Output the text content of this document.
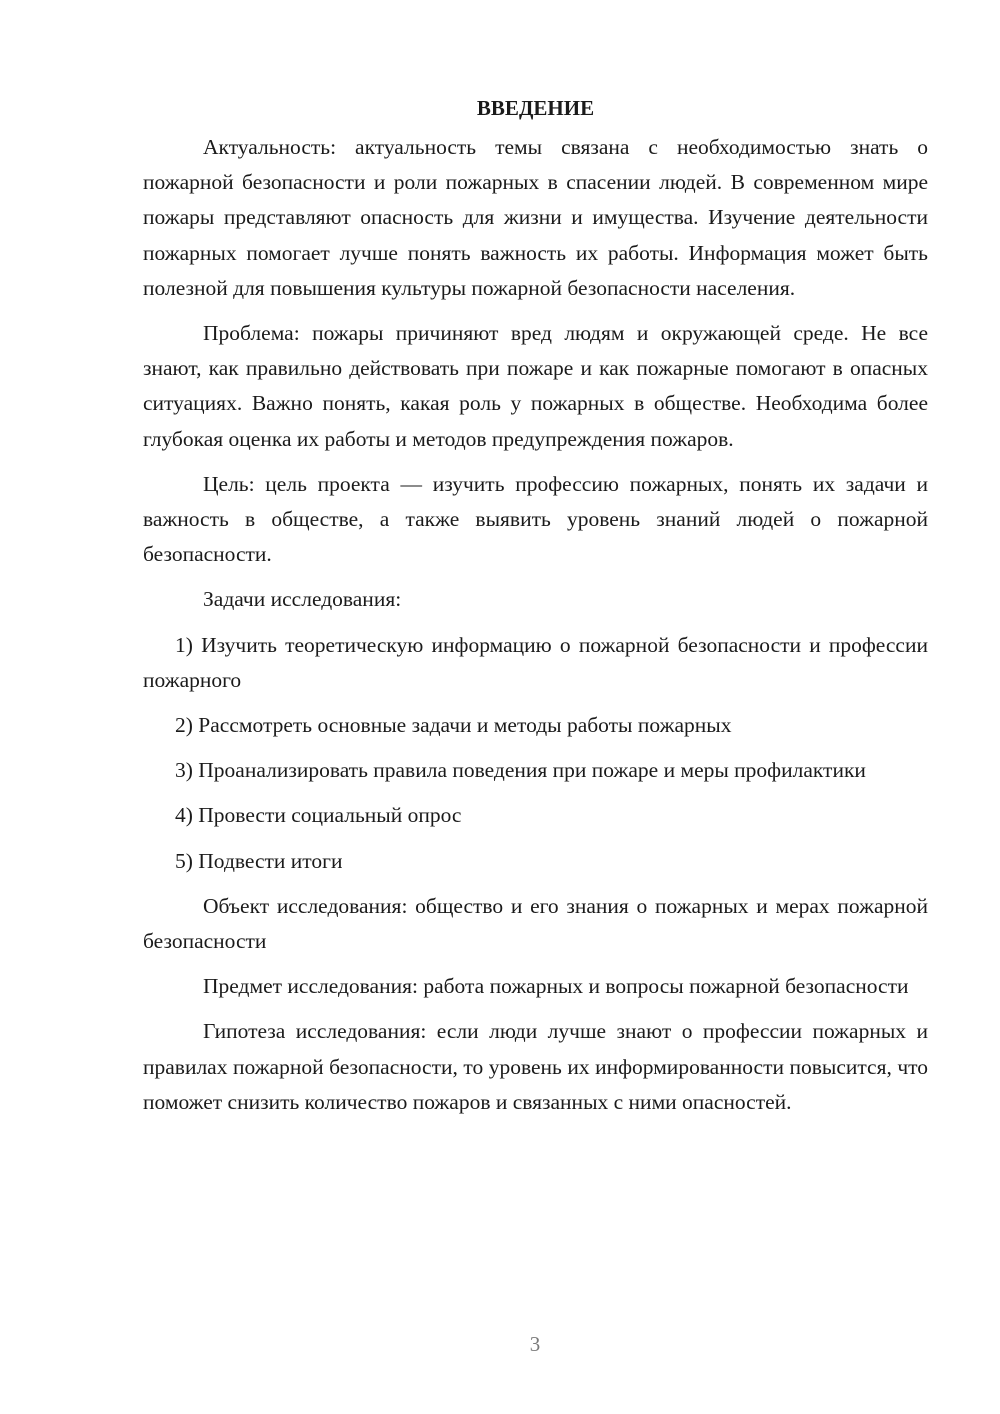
ВВЕДЕНИЕ

Актуальность: актуальность темы связана с необходимостью знать о пожарной безопасности и роли пожарных в спасении людей. В современном мире пожары представляют опасность для жизни и имущества. Изучение деятельности пожарных помогает лучше понять важность их работы. Информация может быть полезной для повышения культуры пожарной безопасности населения.

Проблема: пожары причиняют вред людям и окружающей среде. Не все знают, как правильно действовать при пожаре и как пожарные помогают в опасных ситуациях. Важно понять, какая роль у пожарных в обществе. Необходима более глубокая оценка их работы и методов предупреждения пожаров.

Цель: цель проекта — изучить профессию пожарных, понять их задачи и важность в обществе, а также выявить уровень знаний людей о пожарной безопасности.

Задачи исследования:

1) Изучить теоретическую информацию о пожарной безопасности и профессии пожарного

2) Рассмотреть основные задачи и методы работы пожарных

3) Проанализировать правила поведения при пожаре и меры профилактики

4) Провести социальный опрос

5) Подвести итоги

Объект исследования: общество и его знания о пожарных и мерах пожарной безопасности

Предмет исследования: работа пожарных и вопросы пожарной безопасности

Гипотеза исследования: если люди лучше знают о профессии пожарных и правилах пожарной безопасности, то уровень их информированности повысится, что поможет снизить количество пожаров и связанных с ними опасностей.

3
